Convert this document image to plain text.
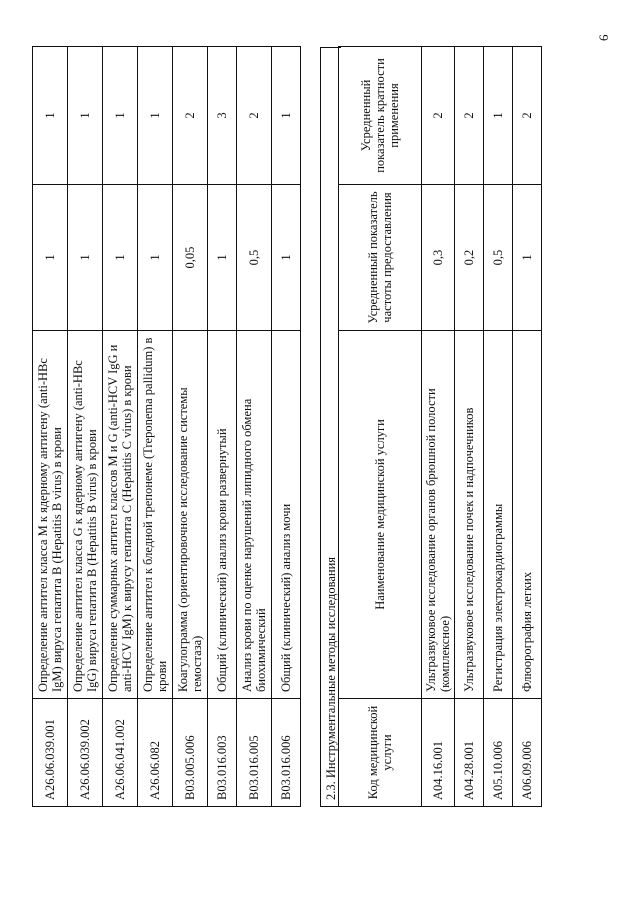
A26.06.039.001	Определение антител класса M к ядерному антигену (anti-HBc IgM) вируса гепатита B (Hepatitis B virus) в крови	1	1
A26.06.039.002	Определение антител класса G к ядерному антигену (anti-HBc IgG) вируса гепатита B (Hepatitis B virus) в крови	1	1
A26.06.041.002	Определение суммарных антител классов M и G (anti-HCV IgG и anti-HCV IgM) к вирусу гепатита C (Hepatitis C virus) в крови	1	1
A26.06.082	Определение антител к бледной трепонеме (Treponema pallidum) в крови	1	1
B03.005.006	Коагулограмма (ориентировочное исследование системы гемостаза)	0,05	2
B03.016.003	Общий (клинический) анализ крови развернутый	1	3
B03.016.005	Анализ крови по оценке нарушений липидного обмена биохимический	0,5	2
B03.016.006	Общий (клинический) анализ мочи	1	1
2.3. Инструментальные методы исследования Код медицинской услуги	Наименование медицинской услуги	Усредненный показатель частоты предоставления	Усредненный показатель кратности применения
A04.16.001	Ультразвуковое исследование органов брюшной полости (комплексное)	0,3	2
A04.28.001	Ультразвуковое исследование почек и надпочечников	0,2	2
A05.10.006	Регистрация электрокардиограммы	0,5	1
A06.09.006	Флюорография легких	1	2
6
